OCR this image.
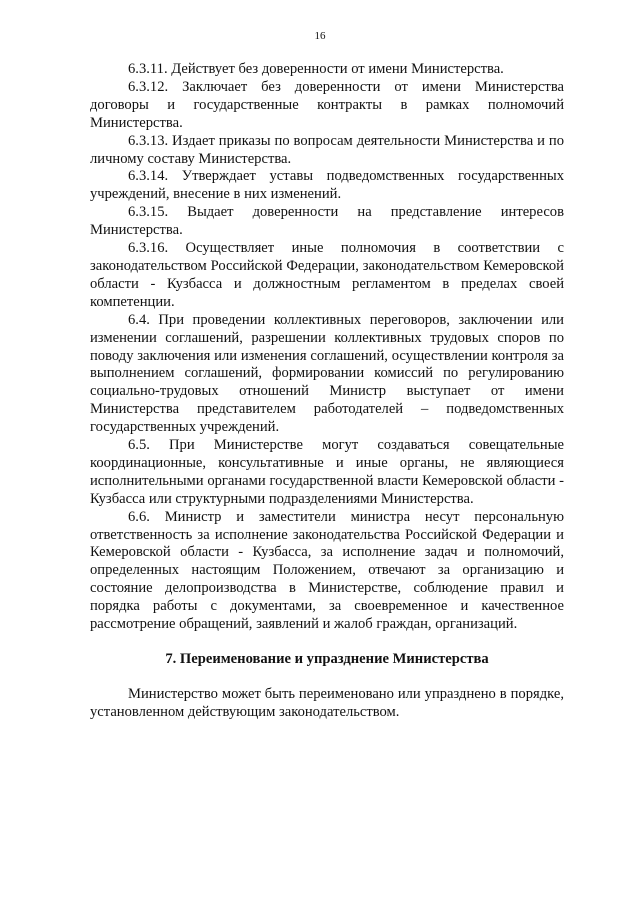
16

6.3.11. Действует без доверенности от имени Министерства.

6.3.12. Заключает без доверенности от имени Министерства договоры и государственные контракты в рамках полномочий Министерства.

6.3.13. Издает приказы по вопросам деятельности Министерства и по личному составу Министерства.

6.3.14. Утверждает уставы подведомственных государственных учреждений, внесение в них изменений.

6.3.15. Выдает доверенности на представление интересов Министерства.

6.3.16. Осуществляет иные полномочия в соответствии с законодательством Российской Федерации, законодательством Кемеровской области - Кузбасса и должностным регламентом в пределах своей компетенции.

6.4. При проведении коллективных переговоров, заключении или изменении соглашений, разрешении коллективных трудовых споров по поводу заключения или изменения соглашений, осуществлении контроля за выполнением соглашений, формировании комиссий по регулированию социально-трудовых отношений Министр выступает от имени Министерства представителем работодателей – подведомственных государственных учреждений.

6.5. При Министерстве могут создаваться совещательные координационные, консультативные и иные органы, не являющиеся исполнительными органами государственной власти Кемеровской области - Кузбасса или структурными подразделениями Министерства.

6.6. Министр и заместители министра несут персональную ответственность за исполнение законодательства Российской Федерации и Кемеровской области - Кузбасса, за исполнение задач и полномочий, определенных настоящим Положением, отвечают за организацию и состояние делопроизводства в Министерстве, соблюдение правил и порядка работы с документами, за своевременное и качественное рассмотрение обращений, заявлений и жалоб граждан, организаций.

7. Переименование и упразднение Министерства

Министерство может быть переименовано или упразднено в порядке, установленном действующим законодательством.
